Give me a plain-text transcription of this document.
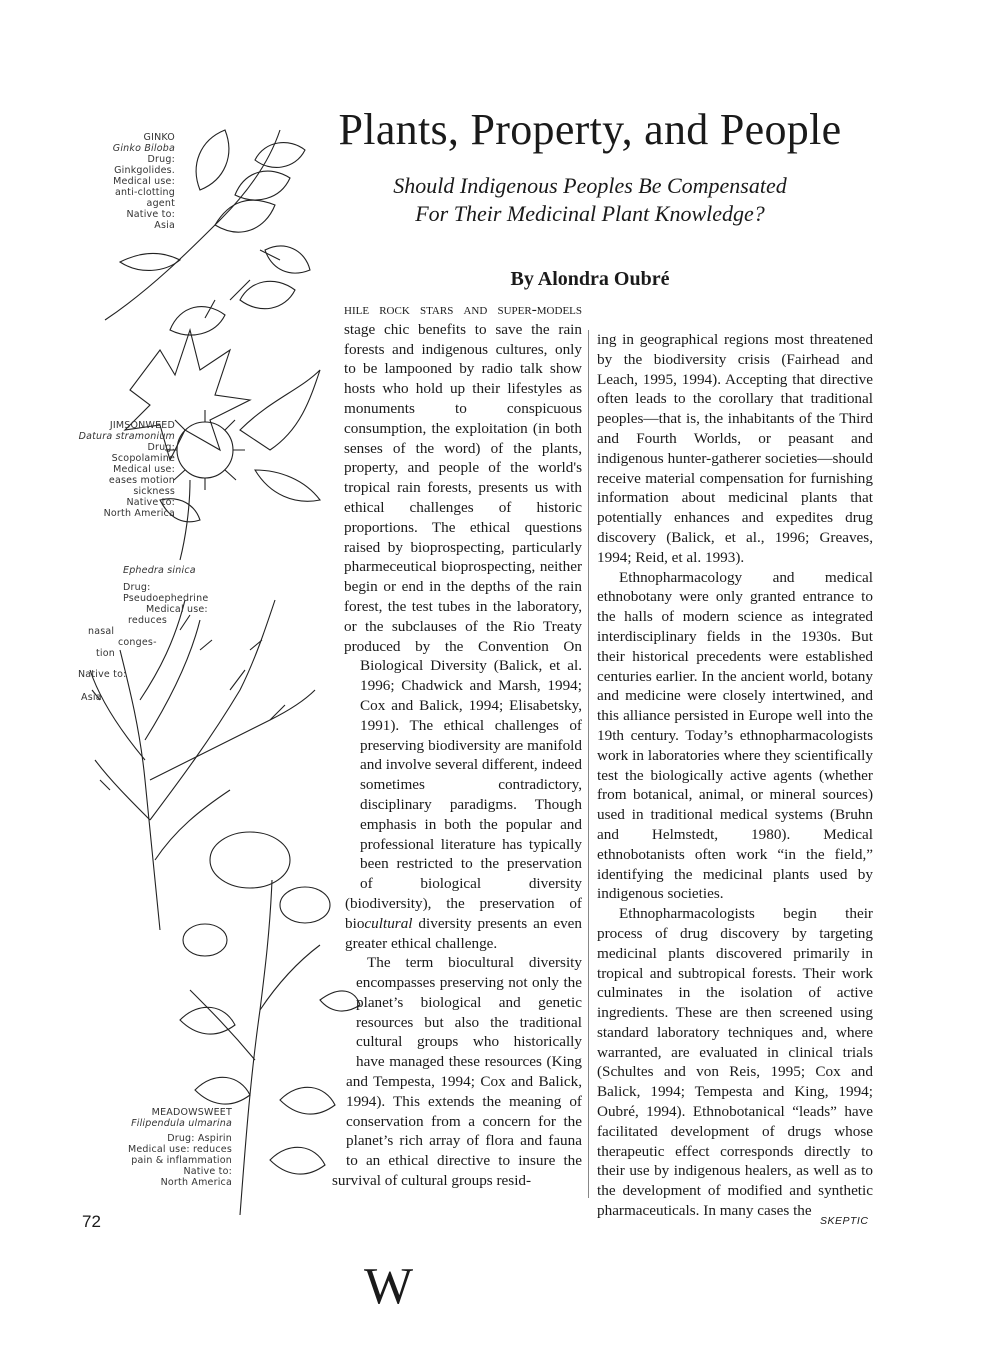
GINKO
Ginko Biloba
Drug:
Ginkgolides.
Medical use:
anti-clotting
agent
Native to:
Asia
JIMSONWEED
Datura stramonium
Drug:
Scopolamine
Medical use:
eases motion
sickness
Native to:
North America
Ephedra sinica
Drug: Pseudoephedrine
Medical use:
reduces
nasal
conges-
tion
Native to:
Asia
MEADOWSWEET
Filipendula ulmarina
Drug: Aspirin
Medical use: reduces
pain & inflammation
Native to:
North America
Plants, Property, and People
Should Indigenous Peoples Be Compensated
For Their Medicinal Plant Knowledge?
By Alondra Oubré

W
hile rock stars and super-models stage chic benefits to save the rain forests and indigenous cultures, only to be lampooned by radio talk show hosts who hold up their lifestyles as monuments to conspicuous consumption, the exploitation (in both senses of the word) of the plants, property, and people of the world's tropical rain forests, presents us with ethical challenges of historic proportions. The ethical questions raised by bioprospecting, particularly pharmeceutical bioprospecting, neither begin or end in the depths of the rain forest, the test tubes in the laboratory, or the subclauses of the Rio Treaty produced by the Convention On Biological Diversity (Balick, et al. 1996; Chadwick and Marsh, 1994; Cox and Balick, 1994; Elisabetsky, 1991). The ethical challenges of preserving biodiversity are manifold and involve several different, indeed sometimes contradictory, disciplinary paradigms. Though emphasis in both the popular and professional literature has typically been restricted to the preservation of biological diversity (biodiversity), the preservation of biocultural diversity presents an even greater ethical challenge.

The term biocultural diversity encompasses preserving not only the planet’s biological and genetic resources but also the traditional cultural groups who historically have managed these resources (King and Tempesta, 1994; Cox and Balick, 1994). This extends the meaning of conservation from a concern for the planet’s rich array of flora and fauna to an ethical directive to insure the survival of cultural groups resid-

ing in geographical regions most threatened by the biodiversity crisis (Fairhead and Leach, 1995, 1994). Accepting that directive often leads to the corollary that traditional peoples—that is, the inhabitants of the Third and Fourth Worlds, or peasant and indigenous hunter-gatherer societies—should receive material compensation for furnishing information about medicinal plants that potentially enhances and expedites drug discovery (Balick, et al., 1996; Greaves, 1994; Reid, et al. 1993).

Ethnopharmacology and medical ethnobotany were only granted entrance to the halls of modern science as integrated interdisciplinary fields in the 1930s. But their historical precedents were established centuries earlier. In the ancient world, botany and medicine were closely intertwined, and this alliance persisted in Europe well into the 19th century. Today’s ethnopharmacologists work in laboratories where they scientifically test the biologically active agents (whether from botanical, animal, or mineral sources) used in traditional medical systems (Bruhn and Helmstedt, 1980). Medical ethnobotanists often work “in the field,” identifying the medicinal plants used by indigenous societies.

Ethnopharmacologists begin their process of drug discovery by targeting medicinal plants discovered primarily in tropical and subtropical forests. Their work culminates in the isolation of active ingredients. These are then screened using standard laboratory techniques and, where warranted, are evaluated in clinical trials (Schultes and von Reis, 1995; Cox and Balick, 1994; Tempesta and King, 1994; Oubré, 1994). Ethnobotanical “leads” have facilitated development of drugs whose therapeutic effect corresponds directly to their use by indigenous healers, as well as to the development of modified and synthetic pharmaceuticals. In many cases the

72	SKEPTIC
